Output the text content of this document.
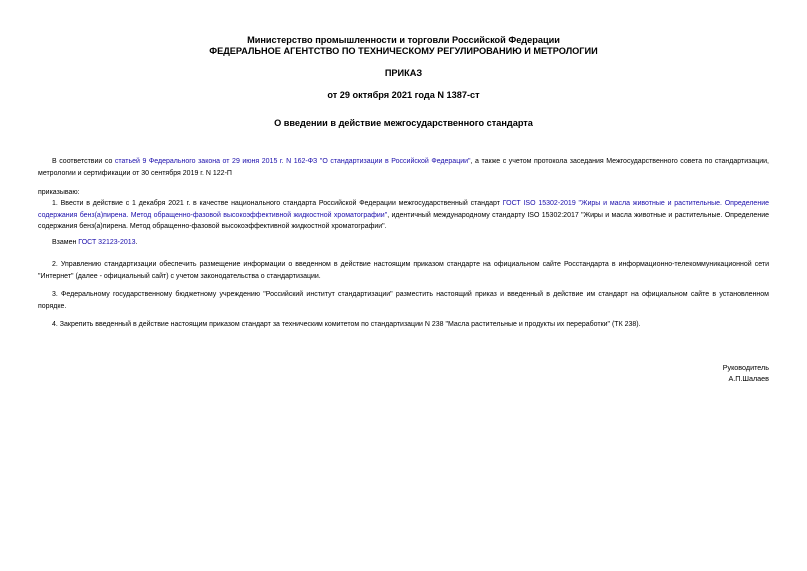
Министерство промышленности и торговли Российской Федерации
ФЕДЕРАЛЬНОЕ АГЕНТСТВО ПО ТЕХНИЧЕСКОМУ РЕГУЛИРОВАНИЮ И МЕТРОЛОГИИ
ПРИКАЗ
от 29 октября 2021 года N 1387-ст
О введении в действие межгосударственного стандарта
В соответствии со статьей 9 Федерального закона от 29 июня 2015 г. N 162-ФЗ "О стандартизации в Российской Федерации", а также с учетом протокола заседания Межгосударственного совета по стандартизации, метрологии и сертификации от 30 сентября 2019 г. N 122-П
приказываю:
1. Ввести в действие с 1 декабря 2021 г. в качестве национального стандарта Российской Федерации межгосударственный стандарт ГОСТ ISO 15302-2019 "Жиры и масла животные и растительные. Определение содержания бенз(а)пирена. Метод обращенно-фазовой высокоэффективной жидкостной хроматографии", идентичный международному стандарту ISO 15302:2017 "Жиры и масла животные и растительные. Определение содержания бенз(а)пирена. Метод обращенно-фазовой высокоэффективной жидкостной хроматографии".
Взамен ГОСТ 32123-2013.
2. Управлению стандартизации обеспечить размещение информации о введенном в действие настоящим приказом стандарте на официальном сайте Росстандарта в информационно-телекоммуникационной сети "Интернет" (далее - официальный сайт) с учетом законодательства о стандартизации.
3. Федеральному государственному бюджетному учреждению "Российский институт стандартизации" разместить настоящий приказ и введенный в действие им стандарт на официальном сайте в установленном порядке.
4. Закрепить введенный в действие настоящим приказом стандарт за техническим комитетом по стандартизации N 238 "Масла растительные и продукты их переработки" (ТК 238).
Руководитель
А.П.Шалаев
